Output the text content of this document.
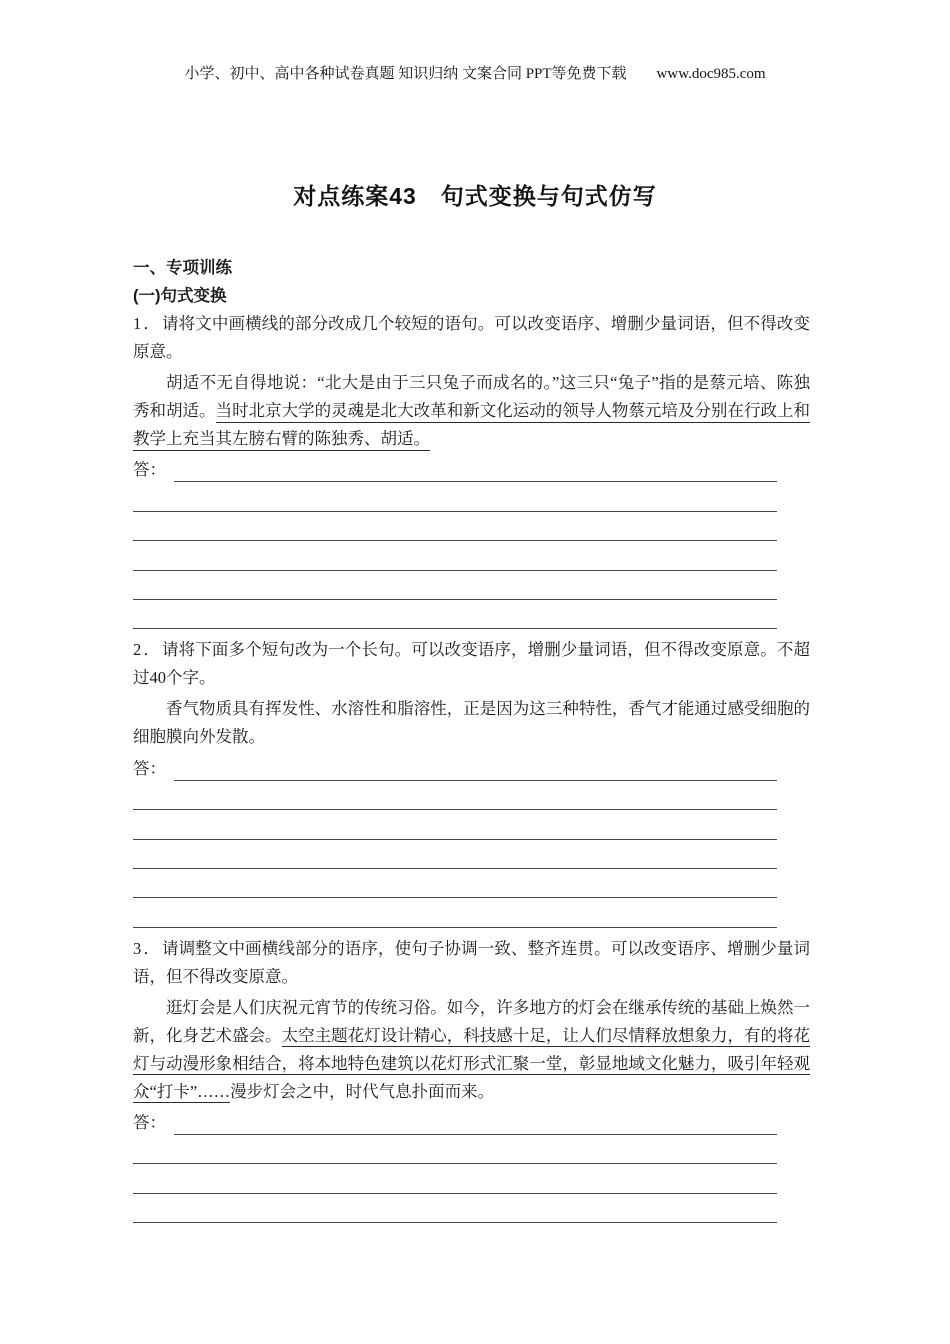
小学、初中、高中各种试卷真题 知识归纳 文案合同 PPT等免费下载 www.doc985.com
对点练案43　句式变换与句式仿写
一、专项训练
(一)句式变换

1．请将文中画横线的部分改成几个较短的语句。可以改变语序、增删少量词语，但不得改变原意。

胡适不无自得地说：“北大是由于三只兔子而成名的。”这三只“兔子”指的是蔡元培、陈独秀和胡适。当时北京大学的灵魂是北大改革和新文化运动的领导人物蔡元培及分别在行政上和教学上充当其左膀右臂的陈独秀、胡适。

答：

2．请将下面多个短句改为一个长句。可以改变语序，增删少量词语，但不得改变原意。不超过40个字。

香气物质具有挥发性、水溶性和脂溶性，正是因为这三种特性，香气才能通过感受细胞的细胞膜向外发散。

答：

3．请调整文中画横线部分的语序，使句子协调一致、整齐连贯。可以改变语序、增删少量词语，但不得改变原意。

逛灯会是人们庆祝元宵节的传统习俗。如今，许多地方的灯会在继承传统的基础上焕然一新，化身艺术盛会。太空主题花灯设计精心，科技感十足，让人们尽情释放想象力，有的将花灯与动漫形象相结合，将本地特色建筑以花灯形式汇聚一堂，彰显地域文化魅力，吸引年轻观众“打卡”……漫步灯会之中，时代气息扑面而来。

答：
